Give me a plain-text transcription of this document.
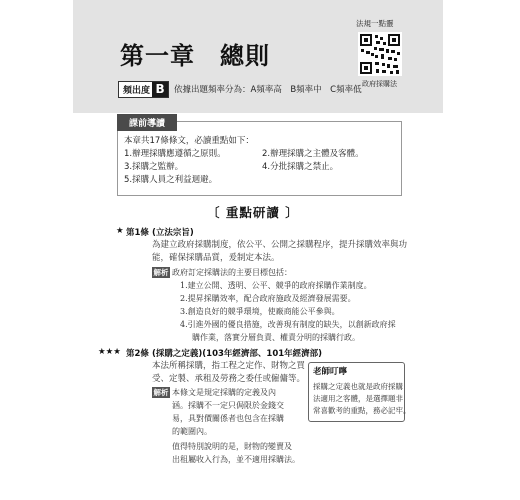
第一章　總則
頻出度 B	依據出題頻率分為：A頻率高　B頻率中　C頻率低
法規一點靈
政府採購法
課前導讀
本章共17條條文，必讀重點如下：
1.辦理採購應遵循之原則。	2.辦理採購之主體及客體。
3.採購之監辦。	4.分批採購之禁止。
5.採購人員之利益迴避。
〔 重點研讀 〕
★ 第1條 (立法宗旨)
為建立政府採購制度，依公平、公開之採購程序，提升採購效率與功
能，確保採購品質，爰制定本法。
解析 政府訂定採購法的主要目標包括：
1.建立公開、透明、公平、競爭的政府採購作業制度。
2.提昇採購效率，配合政府施政及經濟發展需要。
3.創造良好的競爭環境，使廠商能公平參與。
4.引進外國的優良措施，改善現有制度的缺失，以創新政府採
購作業，落實分層負責、權責分明的採購行政。
★★★ 第2條 (採購之定義)(103年經濟部、101年經濟部)
本法所稱採購，指工程之定作、財物之買
受、定製、承租及勞務之委任或僱傭等。
解析 本條文是規定採購的定義及內
涵。採購不一定只侷限於金錢交
易，具對價關係者也包含在採購
的範圍內。
值得特別說明的是，財物的變賣及
出租屬收入行為，並不適用採購法。
老師叮嚀
採購之定義也就是政府採購
法適用之客體，是選擇題非
常喜歡考的重點，務必記牢。
